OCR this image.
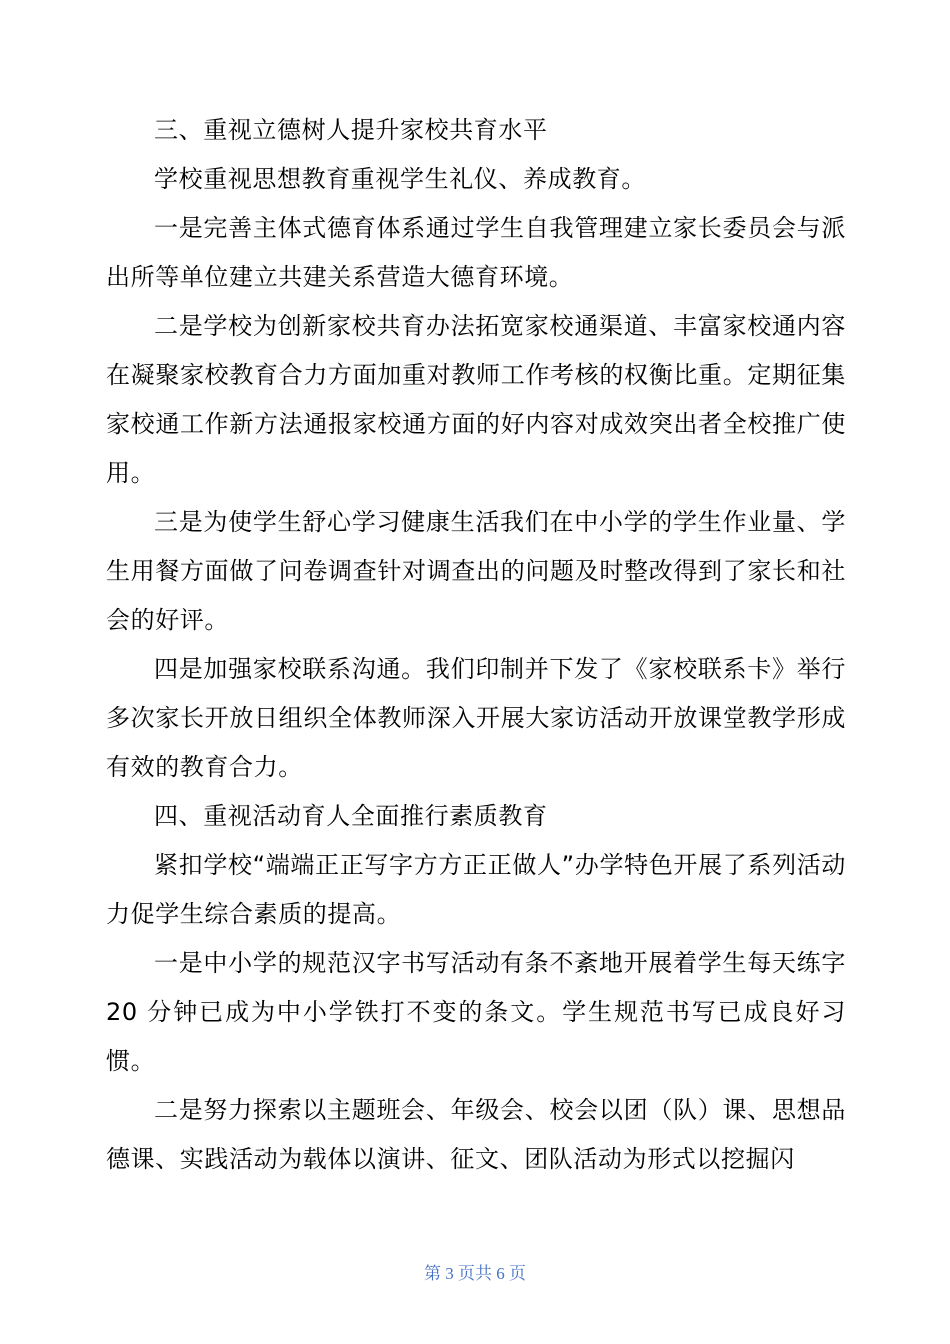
三、重视立德树人提升家校共育水平

学校重视思想教育重视学生礼仪、养成教育。

一是完善主体式德育体系通过学生自我管理建立家长委员会与派出所等单位建立共建关系营造大德育环境。

二是学校为创新家校共育办法拓宽家校通渠道、丰富家校通内容在凝聚家校教育合力方面加重对教师工作考核的权衡比重。定期征集家校通工作新方法通报家校通方面的好内容对成效突出者全校推广使用。

三是为使学生舒心学习健康生活我们在中小学的学生作业量、学生用餐方面做了问卷调查针对调查出的问题及时整改得到了家长和社会的好评。

四是加强家校联系沟通。我们印制并下发了《家校联系卡》举行多次家长开放日组织全体教师深入开展大家访活动开放课堂教学形成有效的教育合力。

四、重视活动育人全面推行素质教育

紧扣学校“端端正正写字方方正正做人”办学特色开展了系列活动力促学生综合素质的提高。

一是中小学的规范汉字书写活动有条不紊地开展着学生每天练字 20 分钟已成为中小学铁打不变的条文。学生规范书写已成良好习惯。

二是努力探索以主题班会、年级会、校会以团（队）课、思想品德课、实践活动为载体以演讲、征文、团队活动为形式以挖掘闪

第 3 页共 6 页
